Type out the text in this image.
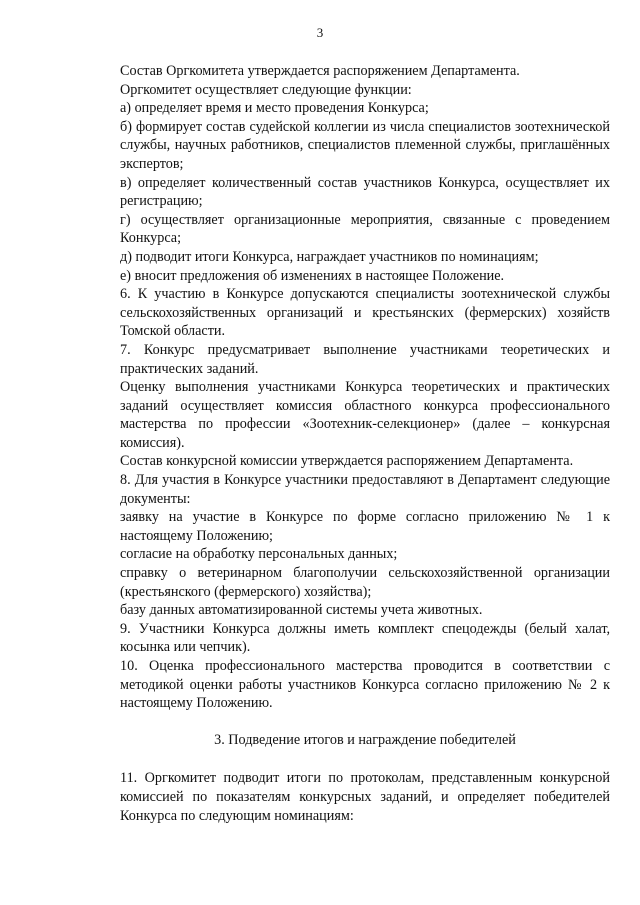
3

Состав Оргкомитета утверждается распоряжением Департамента.

Оргкомитет осуществляет следующие функции:

а) определяет время и место проведения Конкурса;

б) формирует состав судейской коллегии из числа специалистов зоотехнической службы, научных работников, специалистов племенной службы, приглашённых экспертов;

в) определяет количественный состав участников Конкурса, осуществляет их регистрацию;

г) осуществляет организационные мероприятия, связанные с проведением Конкурса;

д) подводит итоги Конкурса, награждает участников по номинациям;

е) вносит предложения об изменениях в настоящее Положение.

6. К участию в Конкурсе допускаются специалисты зоотехнической службы сельскохозяйственных организаций и крестьянских (фермерских) хозяйств Томской области.

7. Конкурс предусматривает выполнение участниками теоретических и практических заданий.

Оценку выполнения участниками Конкурса теоретических и практических заданий осуществляет комиссия областного конкурса профессионального мастерства по профессии «Зоотехник-селекционер» (далее – конкурсная комиссия).

Состав конкурсной комиссии утверждается распоряжением Департамента.

8. Для участия в Конкурсе участники предоставляют в Департамент следующие документы:

заявку на участие в Конкурсе по форме согласно приложению № 1 к настоящему Положению;

согласие на обработку персональных данных;

справку о ветеринарном благополучии сельскохозяйственной организации (крестьянского (фермерского) хозяйства);

базу данных автоматизированной системы учета животных.

9. Участники Конкурса должны иметь комплект спецодежды (белый халат, косынка или чепчик).

10. Оценка профессионального мастерства проводится в соответствии с методикой оценки работы участников Конкурса согласно приложению № 2 к настоящему Положению.

3. Подведение итогов и награждение победителей

11. Оргкомитет подводит итоги по протоколам, представленным конкурсной комиссией по показателям конкурсных заданий, и определяет победителей Конкурса по следующим номинациям:
